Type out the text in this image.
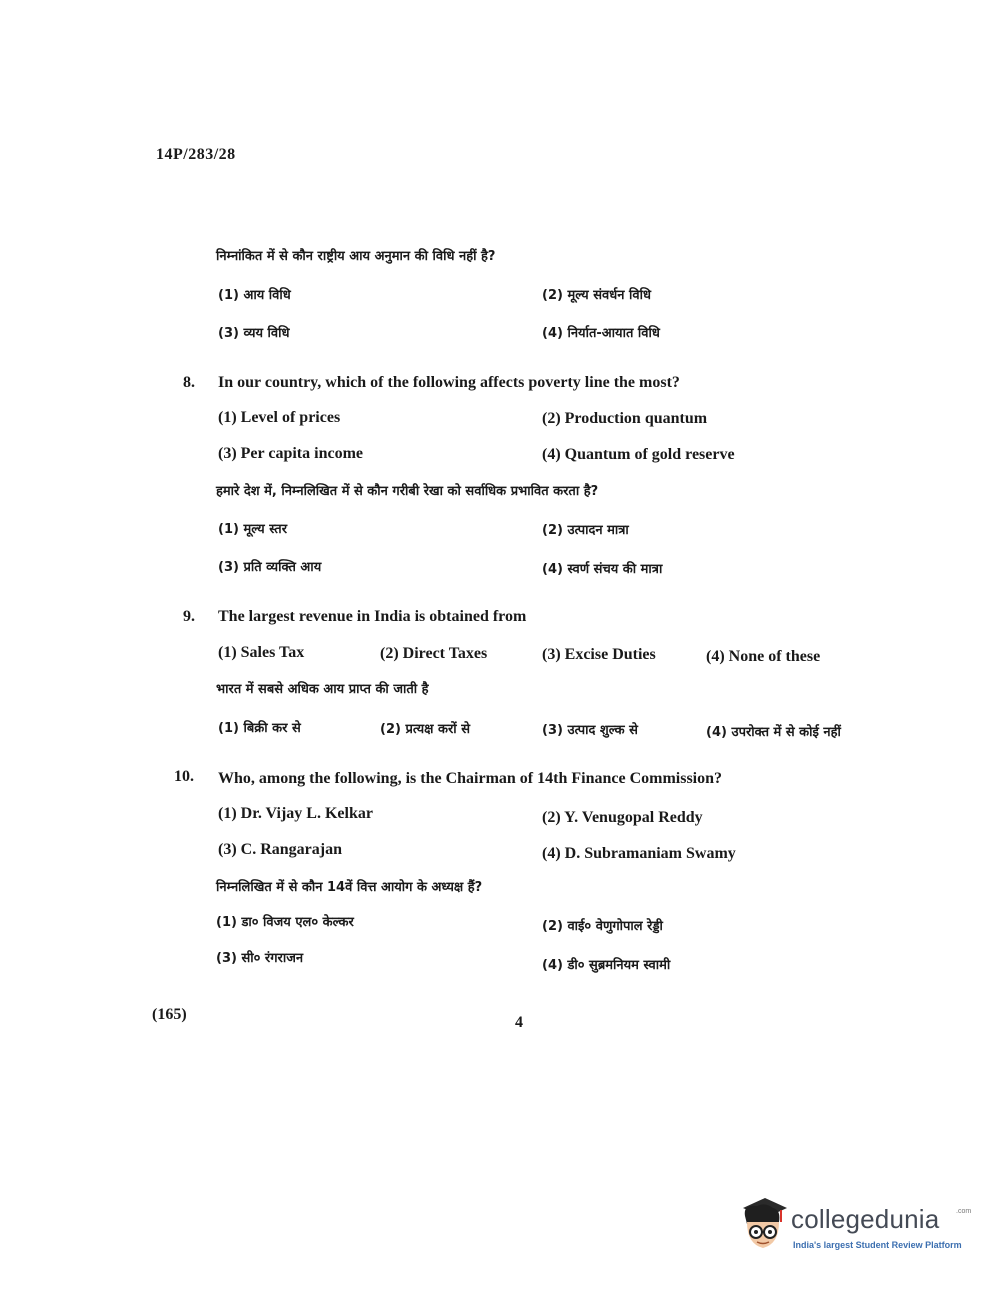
14P/283/28
निम्नांकित में से कौन राष्ट्रीय आय अनुमान की विधि नहीं है?
(1) आय विधि	(2) मूल्य संवर्धन विधि
(3) व्यय विधि	(4) निर्यात-आयात विधि
8. In our country, which of the following affects poverty line the most?
(1) Level of prices	(2) Production quantum
(3) Per capita income	(4) Quantum of gold reserve
हमारे देश में, निम्नलिखित में से कौन गरीबी रेखा को सर्वाधिक प्रभावित करता है?
(1) मूल्य स्तर	(2) उत्पादन मात्रा
(3) प्रति व्यक्ति आय	(4) स्वर्ण संचय की मात्रा
9. The largest revenue in India is obtained from
(1) Sales Tax	(2) Direct Taxes	(3) Excise Duties	(4) None of these
भारत में सबसे अधिक आय प्राप्त की जाती है
(1) बिक्री कर से	(2) प्रत्यक्ष करों से	(3) उत्पाद शुल्क से	(4) उपरोक्त में से कोई नहीं
10. Who, among the following, is the Chairman of 14th Finance Commission?
(1) Dr. Vijay L. Kelkar	(2) Y. Venugopal Reddy
(3) C. Rangarajan	(4) D. Subramaniam Swamy
निम्नलिखित में से कौन 14वें वित्त आयोग के अध्यक्ष हैं?
(1) डा० विजय एल० केल्कर	(2) वाई० वेणुगोपाल रेड्डी
(3) सी० रंगराजन	(4) डी० सुब्रमनियम स्वामी
(165)	4
collegedunia .com
India's largest Student Review Platform
